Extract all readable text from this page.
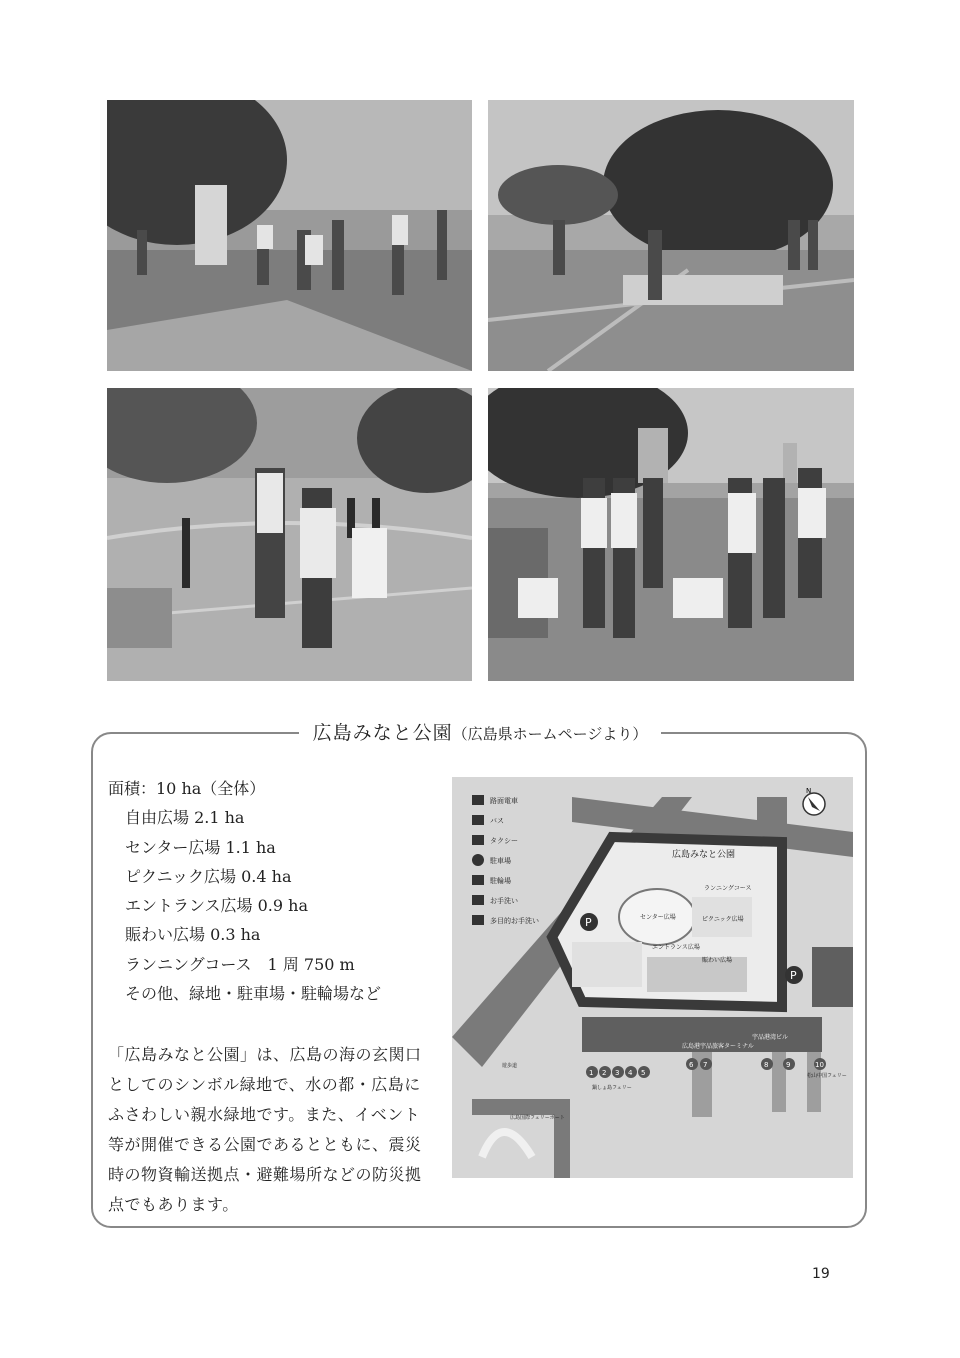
広島みなと公園（広島県ホームページより）
面積：10 ha（全体）
自由広場 2.1 ha
センター広場 1.1 ha
ピクニック広場 0.4 ha
エントランス広場 0.9 ha
賑わい広場 0.3 ha
ランニングコース　1 周 750 m
その他、緑地・駐車場・駐輪場など
「広島みなと公園」は、広島の海の玄関口
としてのシンボル緑地で、水の都・広島に
ふさわしい親水緑地です。また、イベント
等が開催できる公園であるとともに、震災
時の物資輸送拠点・避難場所などの防災拠
点でもあります。
路面電車
バス
タクシー
駐車場
駐輪場
お手洗い
多目的お手洗い
N
P
P
広島みなと公園
ランニングコース
センター広場	ピクニック広場
エントランス広場
賑わい広場
広島港宇品旅客ターミナル
宇品港湾ビル
広島国際フェリーポート
遊歩道
松山中国フェリー
鍋しょ島フェリー
1 2 3 4 5
6 7	8	9	10
19
